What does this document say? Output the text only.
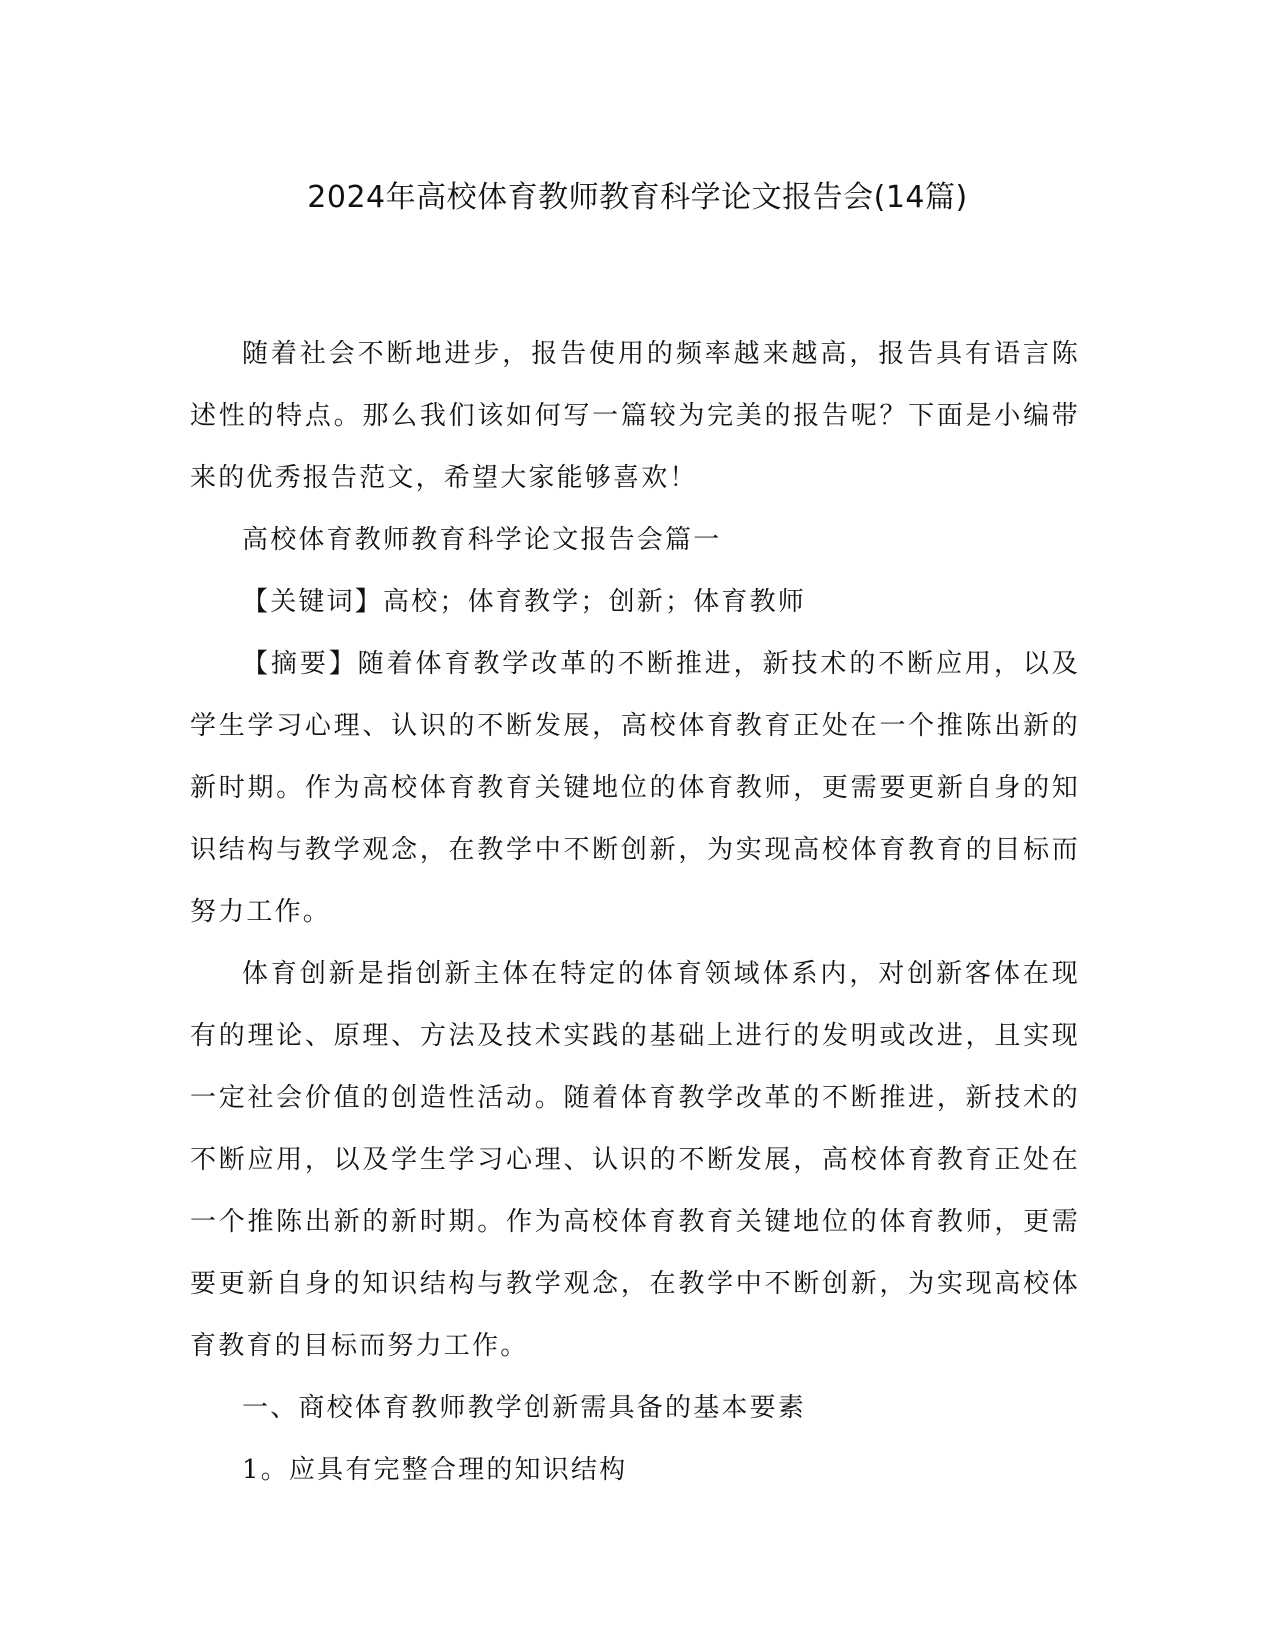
2024年高校体育教师教育科学论文报告会(14篇)

随着社会不断地进步，报告使用的频率越来越高，报告具有语言陈述性的特点。那么我们该如何写一篇较为完美的报告呢？下面是小编带来的优秀报告范文，希望大家能够喜欢！

高校体育教师教育科学论文报告会篇一

【关键词】高校；体育教学；创新；体育教师

【摘要】随着体育教学改革的不断推进，新技术的不断应用，以及学生学习心理、认识的不断发展，高校体育教育正处在一个推陈出新的新时期。作为高校体育教育关键地位的体育教师，更需要更新自身的知识结构与教学观念，在教学中不断创新，为实现高校体育教育的目标而努力工作。

体育创新是指创新主体在特定的体育领域体系内，对创新客体在现有的理论、原理、方法及技术实践的基础上进行的发明或改进，且实现一定社会价值的创造性活动。随着体育教学改革的不断推进，新技术的不断应用，以及学生学习心理、认识的不断发展，高校体育教育正处在一个推陈出新的新时期。作为高校体育教育关键地位的体育教师，更需要更新自身的知识结构与教学观念，在教学中不断创新，为实现高校体育教育的目标而努力工作。

一、商校体育教师教学创新需具备的基本要素

1。应具有完整合理的知识结构
